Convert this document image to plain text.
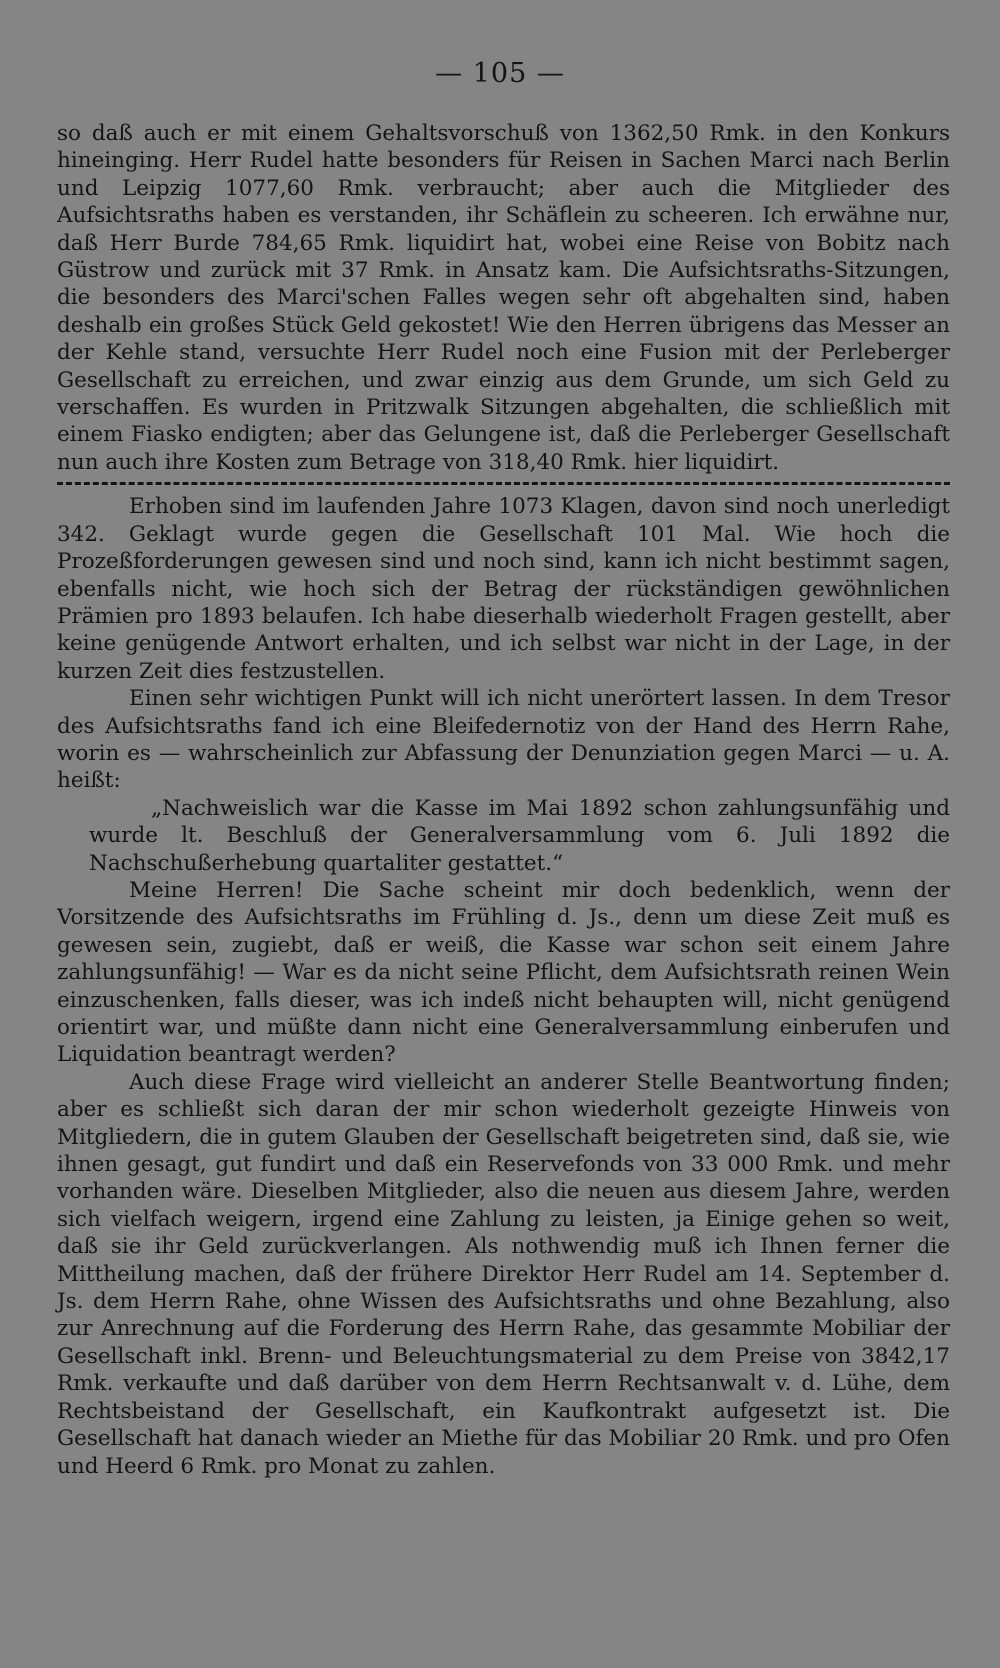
— 105 —

so daß auch er mit einem Gehaltsvorschuß von 1362,50 Rmk. in den Konkurs hineinging. Herr Rudel hatte besonders für Reisen in Sachen Marci nach Berlin und Leipzig 1077,60 Rmk. verbraucht; aber auch die Mitglieder des Aufsichtsraths haben es verstanden, ihr Schäflein zu scheeren. Ich erwähne nur, daß Herr Burde 784,65 Rmk. liquidirt hat, wobei eine Reise von Bobitz nach Güstrow und zurück mit 37 Rmk. in Ansatz kam. Die Aufsichtsraths-Sitzungen, die besonders des Marci'schen Falles wegen sehr oft abgehalten sind, haben deshalb ein großes Stück Geld gekostet! Wie den Herren übrigens das Messer an der Kehle stand, versuchte Herr Rudel noch eine Fusion mit der Perleberger Gesellschaft zu erreichen, und zwar einzig aus dem Grunde, um sich Geld zu verschaffen. Es wurden in Pritzwalk Sitzungen abgehalten, die schließlich mit einem Fiasko endigten; aber das Gelungene ist, daß die Perleberger Gesellschaft nun auch ihre Kosten zum Betrage von 318,40 Rmk. hier liquidirt.

Erhoben sind im laufenden Jahre 1073 Klagen, davon sind noch unerledigt 342. Geklagt wurde gegen die Gesellschaft 101 Mal. Wie hoch die Prozeßforderungen gewesen sind und noch sind, kann ich nicht bestimmt sagen, ebenfalls nicht, wie hoch sich der Betrag der rückständigen gewöhnlichen Prämien pro 1893 belaufen. Ich habe dieserhalb wiederholt Fragen gestellt, aber keine genügende Antwort erhalten, und ich selbst war nicht in der Lage, in der kurzen Zeit dies festzustellen.

Einen sehr wichtigen Punkt will ich nicht unerörtert lassen. In dem Tresor des Aufsichtsraths fand ich eine Bleifedernotiz von der Hand des Herrn Rahe, worin es — wahrscheinlich zur Abfassung der Denunziation gegen Marci — u. A. heißt:

„Nachweislich war die Kasse im Mai 1892 schon zahlungsunfähig und wurde lt. Beschluß der Generalversammlung vom 6. Juli 1892 die Nachschußerhebung quartaliter gestattet.“

Meine Herren! Die Sache scheint mir doch bedenklich, wenn der Vorsitzende des Aufsichtsraths im Frühling d. Js., denn um diese Zeit muß es gewesen sein, zugiebt, daß er weiß, die Kasse war schon seit einem Jahre zahlungsunfähig! — War es da nicht seine Pflicht, dem Aufsichtsrath reinen Wein einzuschenken, falls dieser, was ich indeß nicht behaupten will, nicht genügend orientirt war, und müßte dann nicht eine Generalversammlung einberufen und Liquidation beantragt werden?

Auch diese Frage wird vielleicht an anderer Stelle Beantwortung finden; aber es schließt sich daran der mir schon wiederholt gezeigte Hinweis von Mitgliedern, die in gutem Glauben der Gesellschaft beigetreten sind, daß sie, wie ihnen gesagt, gut fundirt und daß ein Reservefonds von 33 000 Rmk. und mehr vorhanden wäre. Dieselben Mitglieder, also die neuen aus diesem Jahre, werden sich vielfach weigern, irgend eine Zahlung zu leisten, ja Einige gehen so weit, daß sie ihr Geld zurückverlangen. Als nothwendig muß ich Ihnen ferner die Mittheilung machen, daß der frühere Direktor Herr Rudel am 14. September d. Js. dem Herrn Rahe, ohne Wissen des Aufsichtsraths und ohne Bezahlung, also zur Anrechnung auf die Forderung des Herrn Rahe, das gesammte Mobiliar der Gesellschaft inkl. Brenn- und Beleuchtungsmaterial zu dem Preise von 3842,17 Rmk. verkaufte und daß darüber von dem Herrn Rechtsanwalt v. d. Lühe, dem Rechtsbeistand der Gesellschaft, ein Kaufkontrakt aufgesetzt ist. Die Gesellschaft hat danach wieder an Miethe für das Mobiliar 20 Rmk. und pro Ofen und Heerd 6 Rmk. pro Monat zu zahlen.
